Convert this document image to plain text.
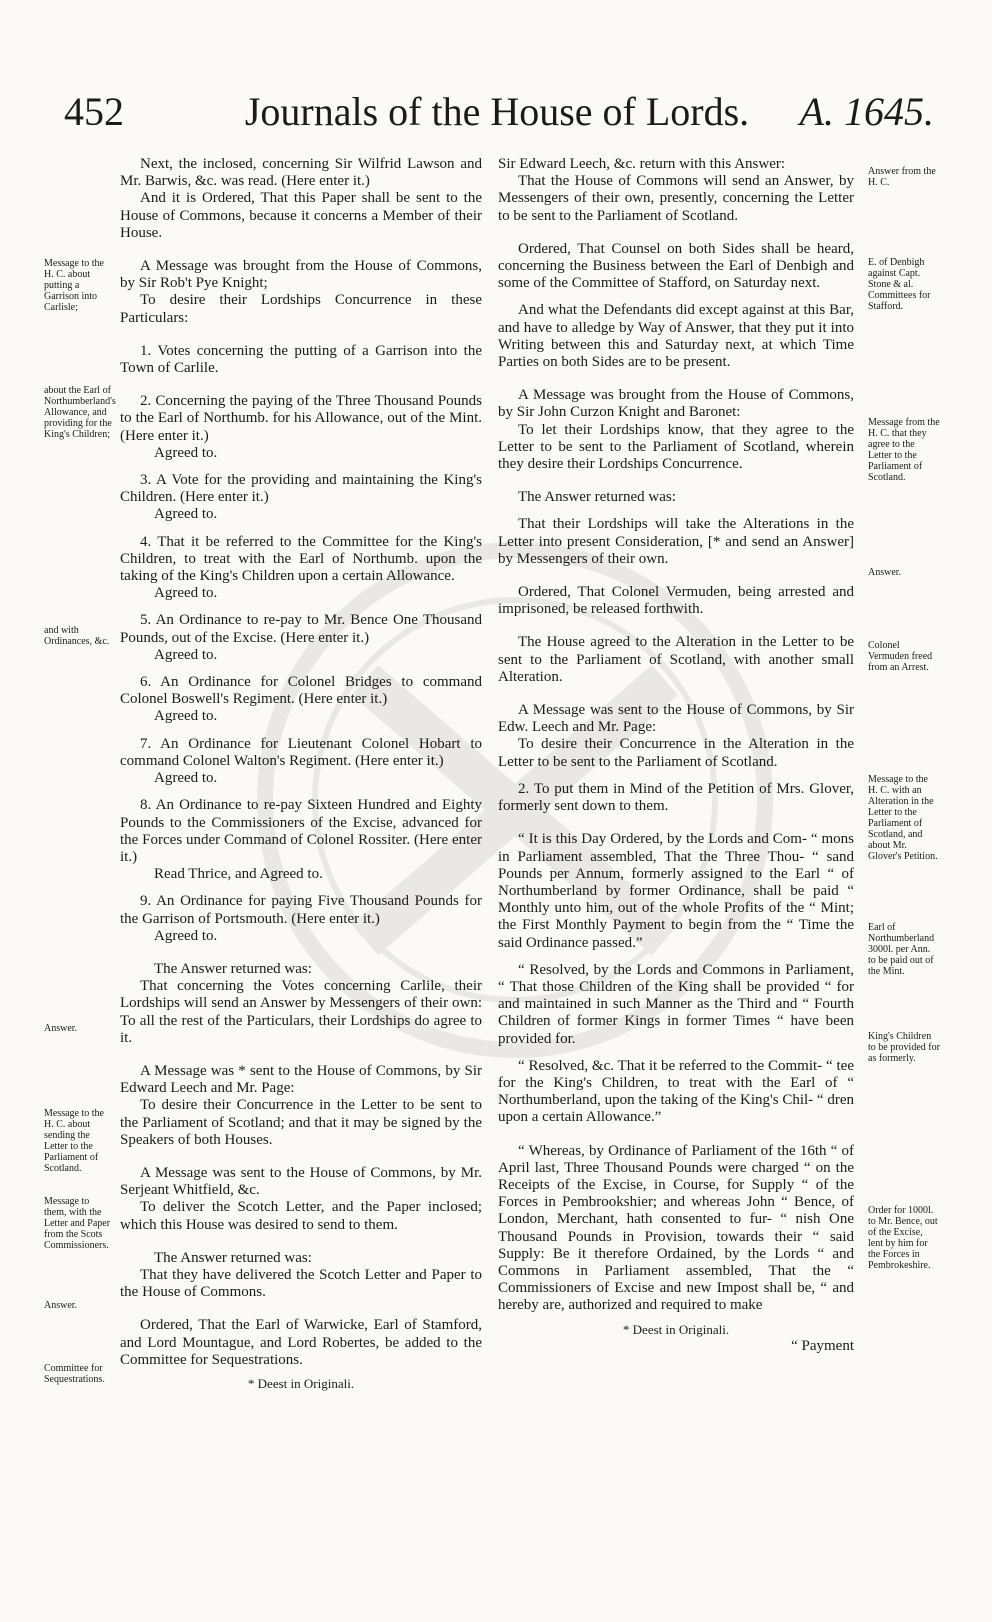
452	Journals of the House of Lords.	A. 1645.

Next, the inclosed, concerning Sir Wilfrid Lawson and Mr. Barwis, &c. was read. (Here enter it.)

And it is Ordered, That this Paper shall be sent to the House of Commons, because it concerns a Member of their House.

A Message was brought from the House of Commons, by Sir Rob't Pye Knight;

To desire their Lordships Concurrence in these Particulars:

1. Votes concerning the putting of a Garrison into the Town of Carlile.

2. Concerning the paying of the Three Thousand Pounds to the Earl of Northumb. for his Allowance, out of the Mint. (Here enter it.)

Agreed to.

3. A Vote for the providing and maintaining the King's Children. (Here enter it.)

Agreed to.

4. That it be referred to the Committee for the King's Children, to treat with the Earl of Northumb. upon the taking of the King's Children upon a certain Allowance.

Agreed to.

5. An Ordinance to re-pay to Mr. Bence One Thousand Pounds, out of the Excise. (Here enter it.)

Agreed to.

6. An Ordinance for Colonel Bridges to command Colonel Boswell's Regiment. (Here enter it.)

Agreed to.

7. An Ordinance for Lieutenant Colonel Hobart to command Colonel Walton's Regiment. (Here enter it.)

Agreed to.

8. An Ordinance to re-pay Sixteen Hundred and Eighty Pounds to the Commissioners of the Excise, advanced for the Forces under Command of Colonel Rossiter. (Here enter it.)

Read Thrice, and Agreed to.

9. An Ordinance for paying Five Thousand Pounds for the Garrison of Portsmouth. (Here enter it.)

Agreed to.

The Answer returned was:

That concerning the Votes concerning Carlile, their Lordships will send an Answer by Messengers of their own: To all the rest of the Particulars, their Lordships do agree to it.

A Message was * sent to the House of Commons, by Sir Edward Leech and Mr. Page:

To desire their Concurrence in the Letter to be sent to the Parliament of Scotland; and that it may be signed by the Speakers of both Houses.

A Message was sent to the House of Commons, by Mr. Serjeant Whitfield, &c.

To deliver the Scotch Letter, and the Paper inclosed; which this House was desired to send to them.

The Answer returned was:

That they have delivered the Scotch Letter and Paper to the House of Commons.

Ordered, That the Earl of Warwicke, Earl of Stamford, and Lord Mountague, and Lord Robertes, be added to the Committee for Sequestrations.

* Deest in Originali.

Sir Edward Leech, &c. return with this Answer:

That the House of Commons will send an Answer, by Messengers of their own, presently, concerning the Letter to be sent to the Parliament of Scotland.

Ordered, That Counsel on both Sides shall be heard, concerning the Business between the Earl of Denbigh and some of the Committee of Stafford, on Saturday next.

And what the Defendants did except against at this Bar, and have to alledge by Way of Answer, that they put it into Writing between this and Saturday next, at which Time Parties on both Sides are to be present.

A Message was brought from the House of Commons, by Sir John Curzon Knight and Baronet:

To let their Lordships know, that they agree to the Letter to be sent to the Parliament of Scotland, wherein they desire their Lordships Concurrence.

The Answer returned was:

That their Lordships will take the Alterations in the Letter into present Consideration, [* and send an Answer] by Messengers of their own.

Ordered, That Colonel Vermuden, being arrested and imprisoned, be released forthwith.

The House agreed to the Alteration in the Letter to be sent to the Parliament of Scotland, with another small Alteration.

A Message was sent to the House of Commons, by Sir Edw. Leech and Mr. Page:

To desire their Concurrence in the Alteration in the Letter to be sent to the Parliament of Scotland.

2. To put them in Mind of the Petition of Mrs. Glover, formerly sent down to them.

“ It is this Day Ordered, by the Lords and Com- “ mons in Parliament assembled, That the Three Thou- “ sand Pounds per Annum, formerly assigned to the Earl “ of Northumberland by former Ordinance, shall be paid “ Monthly unto him, out of the whole Profits of the “ Mint; the First Monthly Payment to begin from the “ Time the said Ordinance passed.”

“ Resolved, by the Lords and Commons in Parliament, “ That those Children of the King shall be provided “ for and maintained in such Manner as the Third and “ Fourth Children of former Kings in former Times “ have been provided for.

“ Resolved, &c. That it be referred to the Commit- “ tee for the King's Children, to treat with the Earl of “ Northumberland, upon the taking of the King's Chil- “ dren upon a certain Allowance.”

“ Whereas, by Ordinance of Parliament of the 16th “ of April last, Three Thousand Pounds were charged “ on the Receipts of the Excise, in Course, for Supply “ of the Forces in Pembrookshier; and whereas John “ Bence, of London, Merchant, hath consented to fur- “ nish One Thousand Pounds in Provision, towards their “ said Supply: Be it therefore Ordained, by the Lords “ and Commons in Parliament assembled, That the “ Commissioners of Excise and new Impost shall be, “ and hereby are, authorized and required to make

* Deest in Originali.

“ Payment

Message to the H. C. about putting a Garrison into Carlisle;
about the Earl of Northumberland's Allowance, and providing for the King's Children;
and with Ordinances, &c.
Answer.
Message to the H. C. about sending the Letter to the Parliament of Scotland.
Message to them, with the Letter and Paper from the Scots Commissioners.
Answer.
Committee for Sequestrations.
Answer from the H. C.
E. of Denbigh against Capt. Stone & al. Committees for Stafford.
Message from the H. C. that they agree to the Letter to the Parliament of Scotland.
Answer.
Colonel Vermuden freed from an Arrest.
Message to the H. C. with an Alteration in the Letter to the Parliament of Scotland, and about Mr. Glover's Petition.
Earl of Northumberland 3000l. per Ann. to be paid out of the Mint.
King's Children to be provided for as formerly.
Order for 1000l. to Mr. Bence, out of the Excise, lent by him for the Forces in Pembrokeshire.
